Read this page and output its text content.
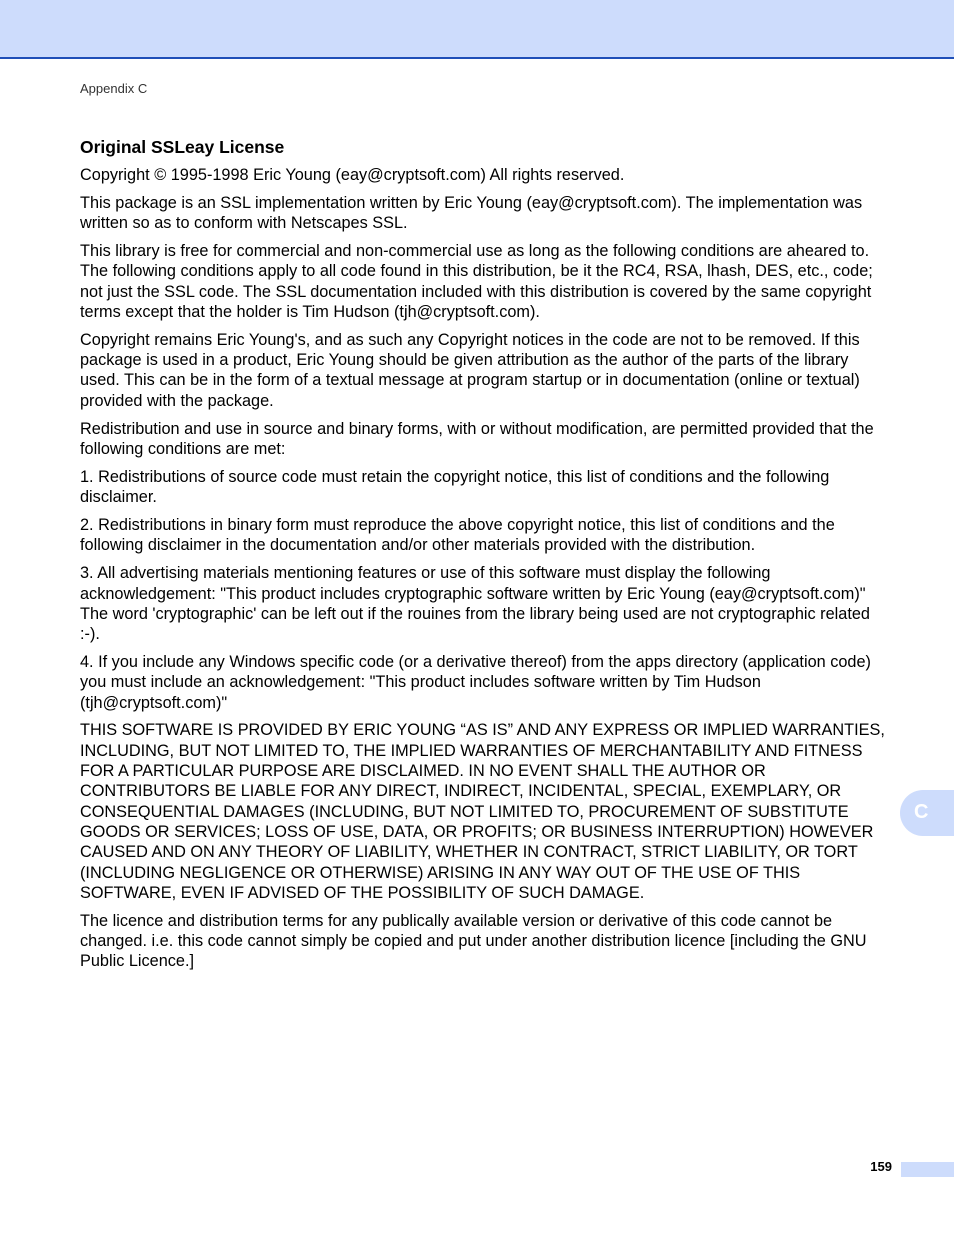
Appendix C
Original SSLeay License

Copyright © 1995-1998 Eric Young (eay@cryptsoft.com) All rights reserved.

This package is an SSL implementation written by Eric Young (eay@cryptsoft.com). The implementation was written so as to conform with Netscapes SSL.

This library is free for commercial and non-commercial use as long as the following conditions are aheared to. The following conditions apply to all code found in this distribution, be it the RC4, RSA, lhash, DES, etc., code; not just the SSL code. The SSL documentation included with this distribution is covered by the same copyright terms except that the holder is Tim Hudson (tjh@cryptsoft.com).

Copyright remains Eric Young's, and as such any Copyright notices in the code are not to be removed. If this package is used in a product, Eric Young should be given attribution as the author of the parts of the library used. This can be in the form of a textual message at program startup or in documentation (online or textual) provided with the package.

Redistribution and use in source and binary forms, with or without modification, are permitted provided that the following conditions are met:

1. Redistributions of source code must retain the copyright notice, this list of conditions and the following disclaimer.

2. Redistributions in binary form must reproduce the above copyright notice, this list of conditions and the following disclaimer in the documentation and/or other materials provided with the distribution.

3. All advertising materials mentioning features or use of this software must display the following acknowledgement: "This product includes cryptographic software written by Eric Young (eay@cryptsoft.com)" The word 'cryptographic' can be left out if the rouines from the library being used are not cryptographic related :-).

4. If you include any Windows specific code (or a derivative thereof) from the apps directory (application code) you must include an acknowledgement: "This product includes software written by Tim Hudson (tjh@cryptsoft.com)"

THIS SOFTWARE IS PROVIDED BY ERIC YOUNG “AS IS” AND ANY EXPRESS OR IMPLIED WARRANTIES, INCLUDING, BUT NOT LIMITED TO, THE IMPLIED WARRANTIES OF MERCHANTABILITY AND FITNESS FOR A PARTICULAR PURPOSE ARE DISCLAIMED. IN NO EVENT SHALL THE AUTHOR OR CONTRIBUTORS BE LIABLE FOR ANY DIRECT, INDIRECT, INCIDENTAL, SPECIAL, EXEMPLARY, OR CONSEQUENTIAL DAMAGES (INCLUDING, BUT NOT LIMITED TO, PROCUREMENT OF SUBSTITUTE GOODS OR SERVICES; LOSS OF USE, DATA, OR PROFITS; OR BUSINESS INTERRUPTION) HOWEVER CAUSED AND ON ANY THEORY OF LIABILITY, WHETHER IN CONTRACT, STRICT LIABILITY, OR TORT (INCLUDING NEGLIGENCE OR OTHERWISE) ARISING IN ANY WAY OUT OF THE USE OF THIS SOFTWARE, EVEN IF ADVISED OF THE POSSIBILITY OF SUCH DAMAGE.

The licence and distribution terms for any publically available version or derivative of this code cannot be changed. i.e. this code cannot simply be copied and put under another distribution licence [including the GNU Public Licence.]

C
159
